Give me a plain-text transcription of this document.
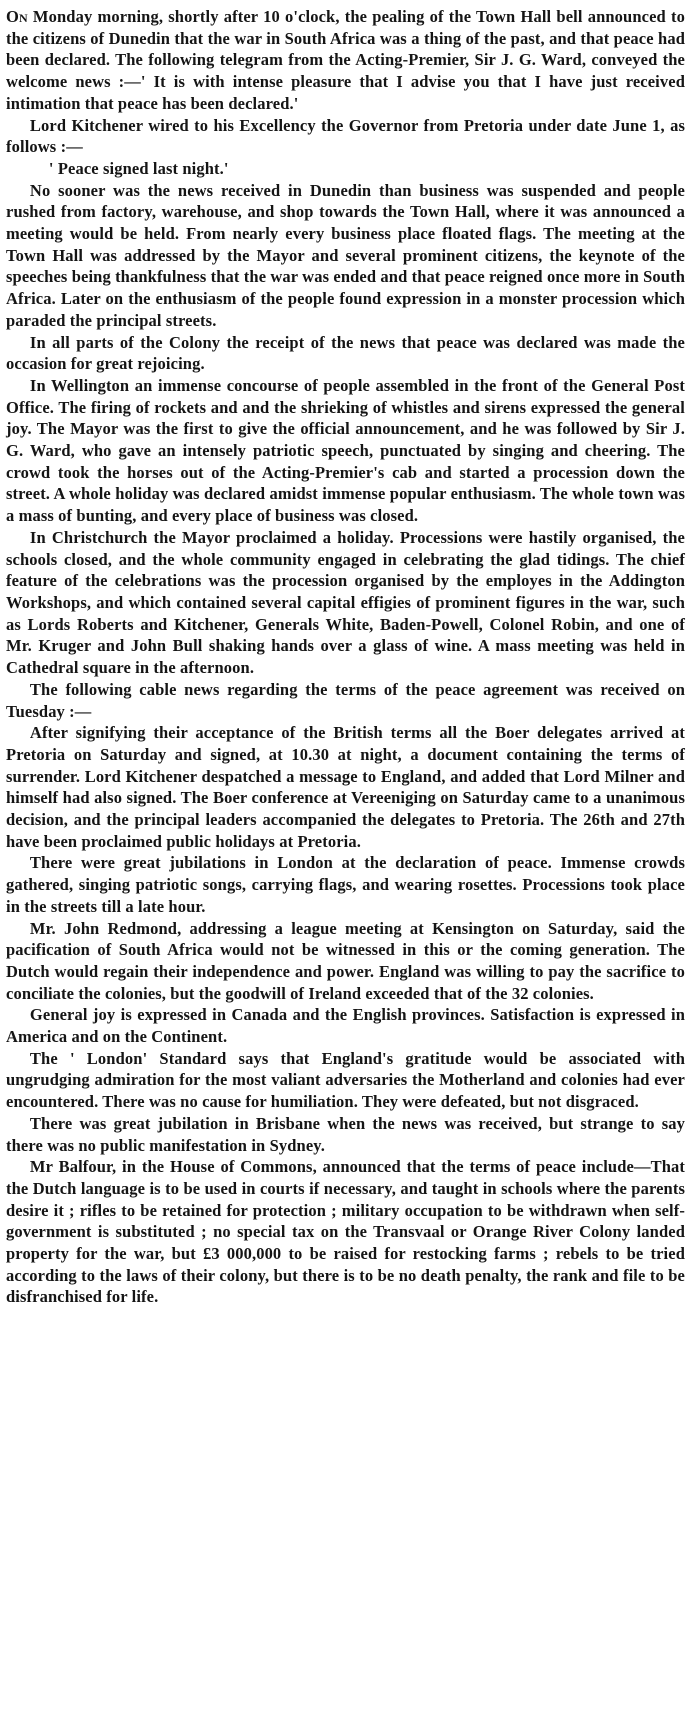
On Monday morning, shortly after 10 o'clock, the pealing of the Town Hall bell announced to the citizens of Dunedin that the war in South Africa was a thing of the past, and that peace had been declared. The following telegram from the Acting-Premier, Sir J. G. Ward, conveyed the welcome news :—' It is with intense pleasure that I advise you that I have just received intimation that peace has been declared.'

Lord Kitchener wired to his Excellency the Governor from Pretoria under date June 1, as follows :—

' Peace signed last night.'

No sooner was the news received in Dunedin than business was suspended and people rushed from factory, warehouse, and shop towards the Town Hall, where it was announced a meeting would be held. From nearly every business place floated flags. The meeting at the Town Hall was addressed by the Mayor and several prominent citizens, the keynote of the speeches being thankfulness that the war was ended and that peace reigned once more in South Africa. Later on the enthusiasm of the people found expression in a monster procession which paraded the principal streets.

In all parts of the Colony the receipt of the news that peace was declared was made the occasion for great rejoicing.

In Wellington an immense concourse of people assembled in the front of the General Post Office. The firing of rockets and and the shrieking of whistles and sirens expressed the general joy. The Mayor was the first to give the official announcement, and he was followed by Sir J. G. Ward, who gave an intensely patriotic speech, punctuated by singing and cheering. The crowd took the horses out of the Acting-Premier's cab and started a procession down the street. A whole holiday was declared amidst immense popular enthusiasm. The whole town was a mass of bunting, and every place of business was closed.

In Christchurch the Mayor proclaimed a holiday. Processions were hastily organised, the schools closed, and the whole community engaged in celebrating the glad tidings. The chief feature of the celebrations was the procession organised by the employes in the Addington Workshops, and which contained several capital effigies of prominent figures in the war, such as Lords Roberts and Kitchener, Generals White, Baden-Powell, Colonel Robin, and one of Mr. Kruger and John Bull shaking hands over a glass of wine. A mass meeting was held in Cathedral square in the afternoon.

The following cable news regarding the terms of the peace agreement was received on Tuesday :—

After signifying their acceptance of the British terms all the Boer delegates arrived at Pretoria on Saturday and signed, at 10.30 at night, a document containing the terms of surrender. Lord Kitchener despatched a message to England, and added that Lord Milner and himself had also signed. The Boer conference at Vereeniging on Saturday came to a unanimous decision, and the principal leaders accompanied the delegates to Pretoria. The 26th and 27th have been proclaimed public holidays at Pretoria.

There were great jubilations in London at the declaration of peace. Immense crowds gathered, singing patriotic songs, carrying flags, and wearing rosettes. Processions took place in the streets till a late hour.

Mr. John Redmond, addressing a league meeting at Kensington on Saturday, said the pacification of South Africa would not be witnessed in this or the coming generation. The Dutch would regain their independence and power. England was willing to pay the sacrifice to conciliate the colonies, but the goodwill of Ireland exceeded that of the 32 colonies.

General joy is expressed in Canada and the English provinces. Satisfaction is expressed in America and on the Continent.

The ' London' Standard says that England's gratitude would be associated with ungrudging admiration for the most valiant adversaries the Motherland and colonies had ever encountered. There was no cause for humiliation. They were defeated, but not disgraced.

There was great jubilation in Brisbane when the news was received, but strange to say there was no public manifestation in Sydney.

Mr Balfour, in the House of Commons, announced that the terms of peace include—That the Dutch language is to be used in courts if necessary, and taught in schools where the parents desire it ; rifles to be retained for protection ; military occupation to be withdrawn when self-government is substituted ; no special tax on the Transvaal or Orange River Colony landed property for the war, but £3 000,000 to be raised for restocking farms ; rebels to be tried according to the laws of their colony, but there is to be no death penalty, the rank and file to be disfranchised for life.
